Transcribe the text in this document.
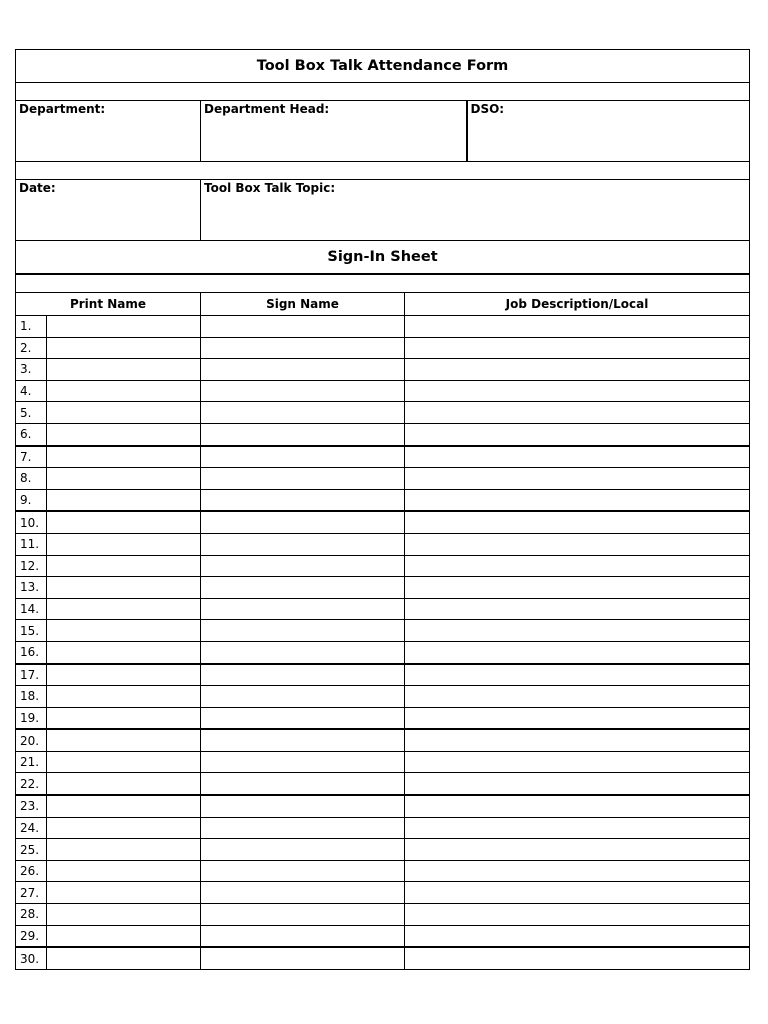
Tool Box Talk Attendance Form				

Department:		Department Head:		DSO:

Date:		Tool Box Talk Topic:		
Sign-In Sheet				

Print Name		Sign Name	Job Description/Local	
1.				
2.				
3.				
4.				
5.				
6.				
7.				
8.				
9.				
10.				
11.				
12.				
13.				
14.				
15.				
16.				
17.				
18.				
19.				
20.				
21.				
22.				
23.				
24.				
25.				
26.				
27.				
28.				
29.				
30.				
